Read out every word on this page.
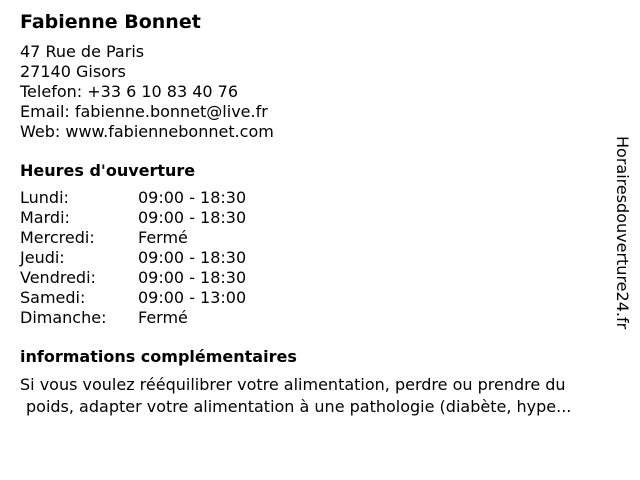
Fabienne Bonnet
47 Rue de Paris
27140 Gisors
Telefon: +33 6 10 83 40 76
Email: fabienne.bonnet@live.fr
Web: www.fabiennebonnet.com
Heures d'ouverture
Lundi:	09:00 - 18:30
Mardi:	09:00 - 18:30
Mercredi:	Fermé
Jeudi:	09:00 - 18:30
Vendredi:	09:00 - 18:30
Samedi:	09:00 - 13:00
Dimanche: Fermé
informations complémentaires
Si vous voulez rééquilibrer votre alimentation, perdre ou prendre du
poids, adapter votre alimentation à une pathologie (diabète, hype...
Horairesdouverture24.fr
